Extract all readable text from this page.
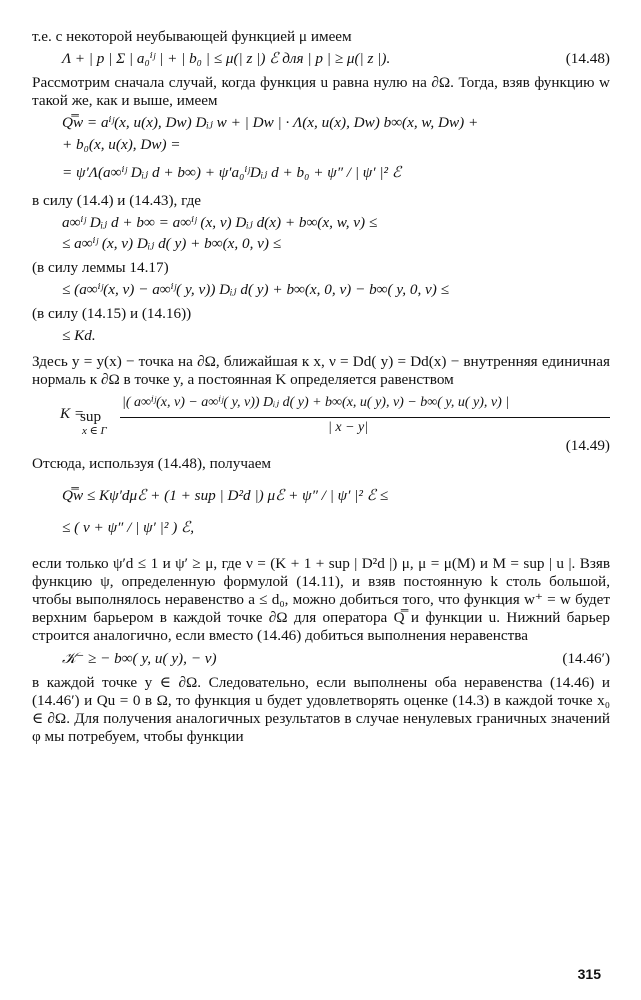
т.е. с некоторой неубывающей функцией μ имеем

Λ + | p | Σ | a₀ⁱʲ | + | b₀ | ≤ μ(| z |) ℰ для | p | ≥ μ(| z |).	(14.48)

Рассмотрим сначала случай, когда функция u равна нулю на ∂Ω. Тогда, взяв функцию w такой же, как и выше, имеем

Q̿w = aⁱʲ(x, u(x), Dw) Dᵢⱼ w + | Dw | · Λ(x, u(x), Dw) b∞(x, w, Dw) +
+ b₀(x, u(x), Dw) =
= ψ′Λ(a∞ⁱʲ Dᵢⱼ d + b∞) + ψ′a₀ⁱʲDᵢⱼ d + b₀ + ψ″ / | ψ′ |² ℰ

в силу (14.4) и (14.43), где

a∞ⁱʲ Dᵢⱼ d + b∞ = a∞ⁱʲ (x, ν) Dᵢⱼ d(x) + b∞(x, w, ν) ≤
≤ a∞ⁱʲ (x, ν) Dᵢⱼ d( y) + b∞(x, 0, ν) ≤

(в силу леммы 14.17)

≤ (a∞ⁱʲ(x, ν) − a∞ⁱʲ( y, ν)) Dᵢⱼ d( y) + b∞(x, 0, ν) − b∞( y, 0, ν) ≤

(в силу (14.15) и (14.16))

≤ Kd.

Здесь y = y(x) − точка на ∂Ω, ближайшая к x, ν = Dd( y) = Dd(x) − внутренняя единичная нормаль к ∂Ω в точке y, а постоянная K определяется равенством

K =
sup
x ∈ Γ
|( a∞ⁱʲ(x, ν) − a∞ⁱʲ( y, ν)) Dᵢⱼ d( y) + b∞(x, u( y), ν) − b∞( y, u( y), ν) |
| x − y|
(14.49)

Отсюда, используя (14.48), получаем

Q̿w ≤ Kψ′dμℰ + (1 + sup | D²d |) μℰ + ψ″ / | ψ′ |² ℰ ≤
≤ ( ν + ψ″ / | ψ′ |² ) ℰ,

если только ψ′d ≤ 1 и ψ′ ≥ μ, где ν = (K + 1 + sup | D²d |) μ, μ = μ(M) и M = sup | u |. Взяв функцию ψ, определенную формулой (14.11), и взяв постоянную k столь большой, чтобы выполнялось неравенство a ≤ d₀, можно добиться того, что функция w⁺ = w будет верхним барьером в каждой точке ∂Ω для оператора Q̿ и функции u. Нижний барьер строится аналогично, если вместо (14.46) добиться выполнения неравенства

𝒦⁻ ≥ − b∞( y, u( y), − ν)	(14.46′)

в каждой точке y ∈ ∂Ω. Следовательно, если выполнены оба неравенства (14.46) и (14.46′) и Qu = 0 в Ω, то функция u будет удовлетворять оценке (14.3) в каждой точке x₀ ∈ ∂Ω. Для получения аналогичных результатов в случае ненулевых граничных значений φ мы потребуем, чтобы функции

315
